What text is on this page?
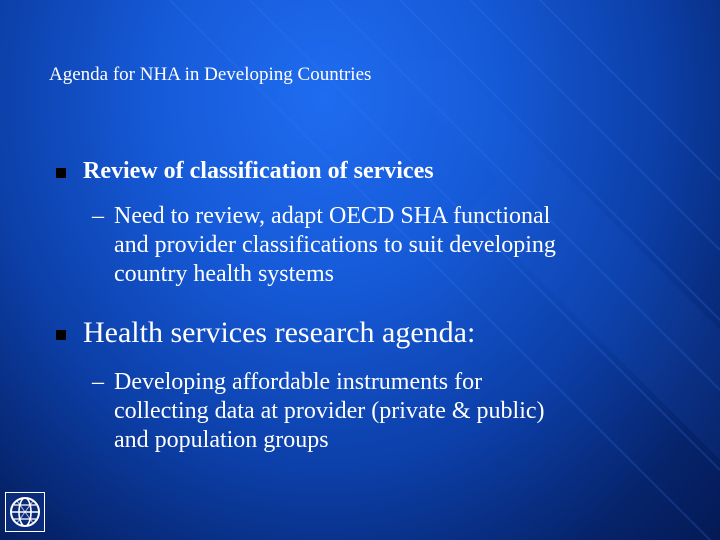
Agenda for NHA in Developing Countries
Review of classification of services
– Need to review, adapt OECD SHA functional
and provider classifications to suit developing
country health systems
Health services research agenda:
– Developing affordable instruments for
collecting data at provider (private & public)
and population groups
